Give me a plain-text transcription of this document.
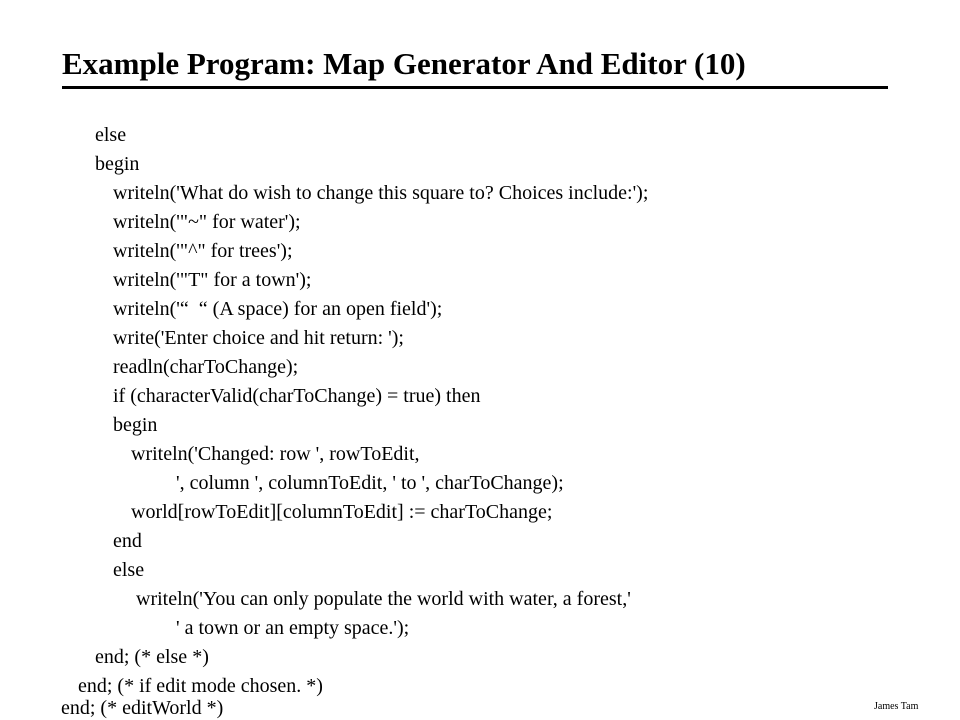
Example Program: Map Generator And Editor (10)
else
begin
writeln('What do wish to change this square to? Choices include:');
writeln('"~" for water');
writeln('"^" for trees');
writeln('"T" for a town');
writeln('“  “ (A space) for an open field');
write('Enter choice and hit return: ');
readln(charToChange);
if (characterValid(charToChange) = true) then
begin
writeln('Changed: row ', rowToEdit,
', column ', columnToEdit, ' to ', charToChange);
world[rowToEdit][columnToEdit] := charToChange;
end
else
writeln('You can only populate the world with water, a forest,'
' a town or an empty space.');
end; (* else *)
end; (* if edit mode chosen. *)
end; (* editWorld *)	James Tam
